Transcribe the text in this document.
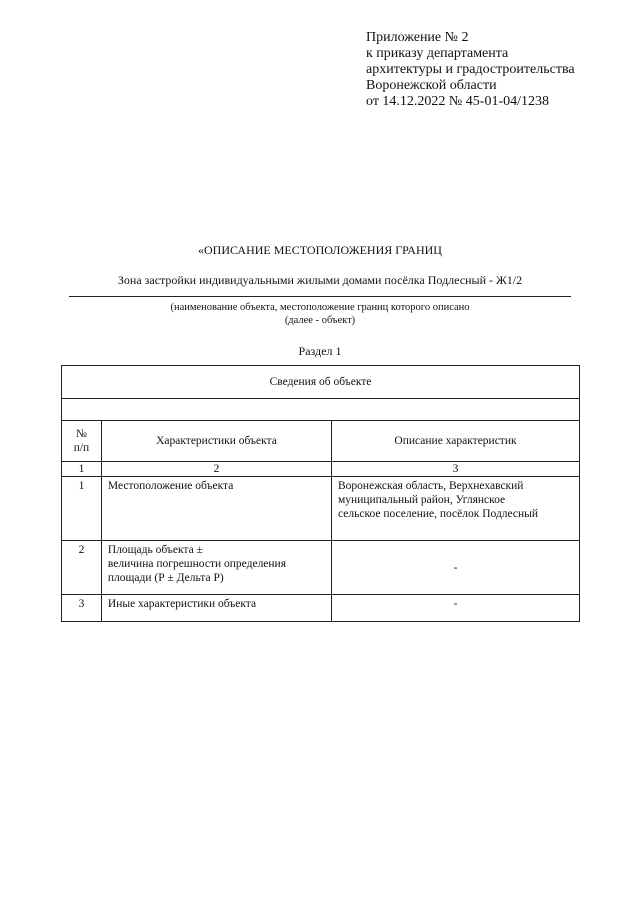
Приложение № 2
к приказу департамента
архитектуры и градостроительства
Воронежской области
от 14.12.2022 № 45-01-04/1238
«ОПИСАНИЕ МЕСТОПОЛОЖЕНИЯ ГРАНИЦ
Зона застройки индивидуальными жилыми домами посёлка Подлесный - Ж1/2
(наименование объекта, местоположение границ которого описано
(далее - объект)
Раздел 1
Сведения об объекте		

№
п/п	Характеристики объекта	Описание характеристик
1	2	3
1	Местоположение объекта	Воронежская область, Верхнехавский
муниципальный район, Углянское
сельское поселение, посёлок Подлесный

2	Площадь объекта ±
величина погрешности определения
площади (Р ± Дельта Р)	-
3	Иные характеристики объекта	-
